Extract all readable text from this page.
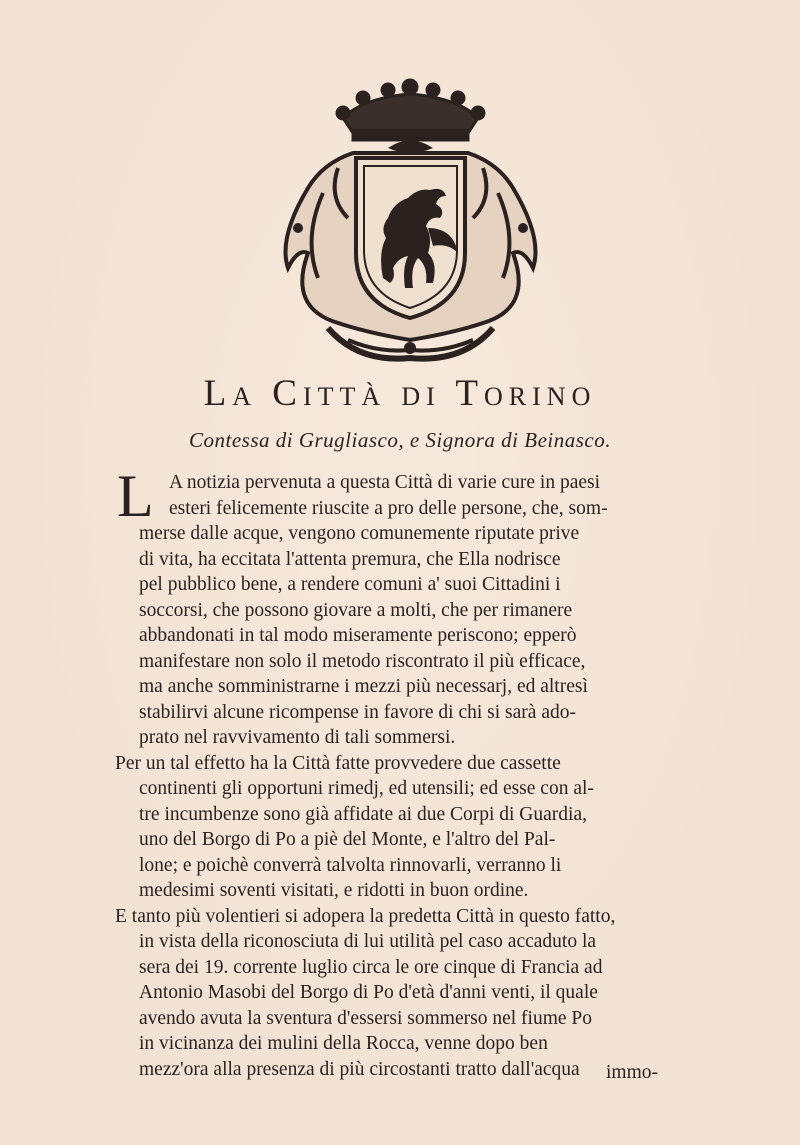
La Città di Torino
Contessa di Grugliasco, e Signora di Beinasco.
L A notizia pervenuta a questa Città di varie cure in paesi
esteri felicemente riuscite a pro delle persone, che, som-
merse dalle acque, vengono comunemente riputate prive
di vita, ha eccitata l'attenta premura, che Ella nodrisce
pel pubblico bene, a rendere comuni a' suoi Cittadini i
soccorsi, che possono giovare a molti, che per rimanere
abbandonati in tal modo miseramente periscono; epperò
manifestare non solo il metodo riscontrato il più efficace,
ma anche somministrarne i mezzi più necessarj, ed altresì
stabilirvi alcune ricompense in favore di chi si sarà ado-
prato nel ravvivamento di tali sommersi.
Per un tal effetto ha la Città fatte provvedere due cassette
continenti gli opportuni rimedj, ed utensili; ed esse con al-
tre incumbenze sono già affidate ai due Corpi di Guardia,
uno del Borgo di Po a piè del Monte, e l'altro del Pal-
lone; e poichè converrà talvolta rinnovarli, verranno li
medesimi soventi visitati, e ridotti in buon ordine.
E tanto più volentieri si adopera la predetta Città in questo fatto,
in vista della riconosciuta di lui utilità pel caso accaduto la
sera dei 19. corrente luglio circa le ore cinque di Francia ad
Antonio Masobi del Borgo di Po d'età d'anni venti, il quale
avendo avuta la sventura d'essersi sommerso nel fiume Po
in vicinanza dei mulini della Rocca, venne dopo ben
mezz'ora alla presenza di più circostanti tratto dall'acqua	immo-
